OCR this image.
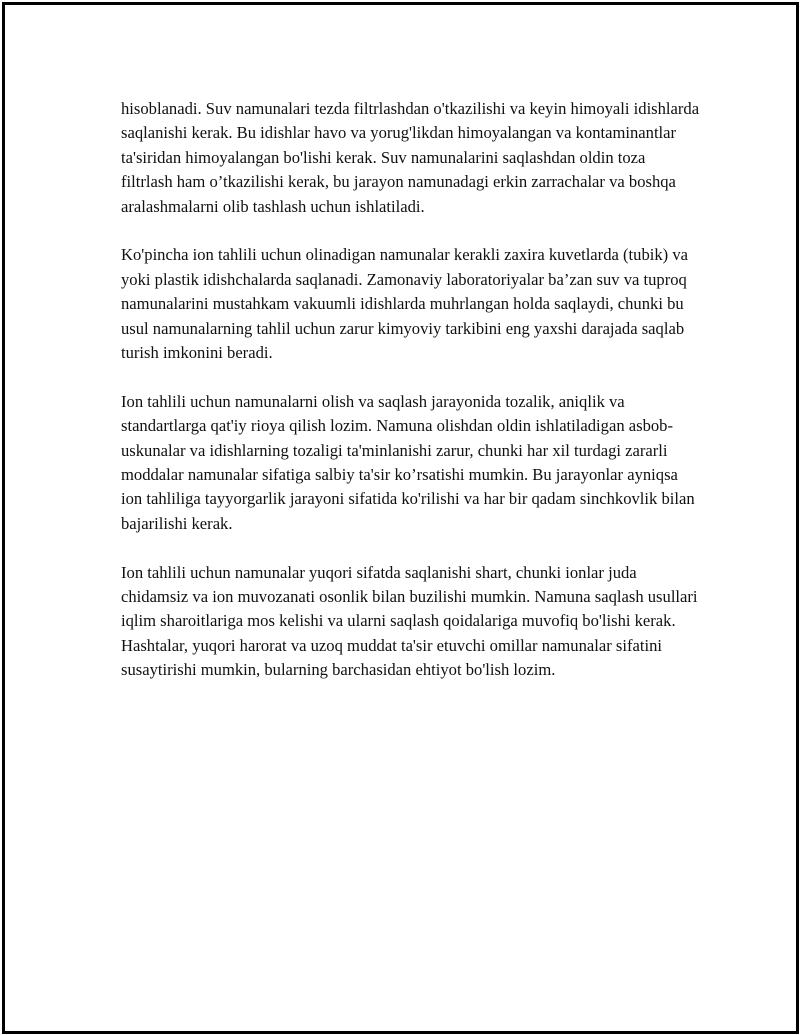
hisoblanadi. Suv namunalari tezda filtrlashdan o'tkazilishi va keyin himoyali idishlarda saqlanishi kerak. Bu idishlar havo va yorug'likdan himoyalangan va kontaminantlar ta'siridan himoyalangan bo'lishi kerak. Suv namunalarini saqlashdan oldin toza filtrlash ham o’tkazilishi kerak, bu jarayon namunadagi erkin zarrachalar va boshqa aralashmalarni olib tashlash uchun ishlatiladi.

Ko'pincha ion tahlili uchun olinadigan namunalar kerakli zaxira kuvetlarda (tubik) va yoki plastik idishchalarda saqlanadi. Zamonaviy laboratoriyalar ba’zan suv va tuproq namunalarini mustahkam vakuumli idishlarda muhrlangan holda saqlaydi, chunki bu usul namunalarning tahlil uchun zarur kimyoviy tarkibini eng yaxshi darajada saqlab turish imkonini beradi.

Ion tahlili uchun namunalarni olish va saqlash jarayonida tozalik, aniqlik va standartlarga qat'iy rioya qilish lozim. Namuna olishdan oldin ishlatiladigan asbob-uskunalar va idishlarning tozaligi ta'minlanishi zarur, chunki har xil turdagi zararli moddalar namunalar sifatiga salbiy ta'sir ko’rsatishi mumkin. Bu jarayonlar ayniqsa ion tahliliga tayyorgarlik jarayoni sifatida ko'rilishi va har bir qadam sinchkovlik bilan bajarilishi kerak.

Ion tahlili uchun namunalar yuqori sifatda saqlanishi shart, chunki ionlar juda chidamsiz va ion muvozanati osonlik bilan buzilishi mumkin. Namuna saqlash usullari iqlim sharoitlariga mos kelishi va ularni saqlash qoidalariga muvofiq bo'lishi kerak. Hashtalar, yuqori harorat va uzoq muddat ta'sir etuvchi omillar namunalar sifatini susaytirishi mumkin, bularning barchasidan ehtiyot bo'lish lozim.
